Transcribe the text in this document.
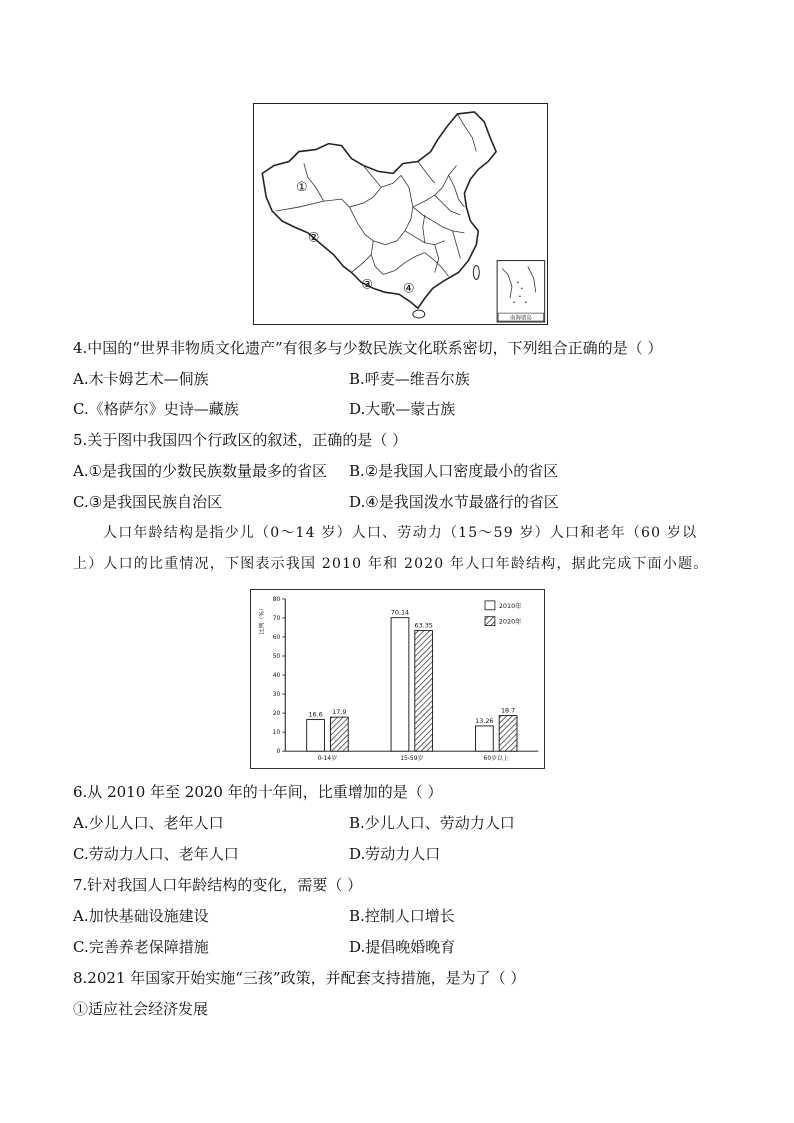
南海诸岛
①
②
③ ④
4.中国的“世界非物质文化遗产”有很多与少数民族文化联系密切，下列组合正确的是（ ）
A.木卡姆艺术—侗族	B.呼麦—维吾尔族
C.《格萨尔》史诗—藏族	D.大歌—蒙古族
5.关于图中我国四个行政区的叙述，正确的是（ ）
A.①是我国的少数民族数量最多的省区 B.②是我国人口密度最小的省区
C.③是我国民族自治区	D.④是我国泼水节最盛行的省区
人口年龄结构是指少儿（0～14 岁）人口、劳动力（15～59 岁）人口和老年（60 岁以
上）人口的比重情况，下图表示我国 2010 年和 2020 年人口年龄结构，据此完成下面小题。
0
10
20
30
40
50
60
70
80
比例（%）
16.6 17.9
0-14岁
70.14
63.35
15-59岁
13.26
18.7
60岁以上
2010年
2020年
6.从 2010 年至 2020 年的十年间，比重增加的是（ ）
A.少儿人口、老年人口	B.少儿人口、劳动力人口
C.劳动力人口、老年人口	D.劳动力人口
7.针对我国人口年龄结构的变化，需要（ ）
A.加快基础设施建设	B.控制人口增长
C.完善养老保障措施	D.提倡晚婚晚育
8.2021 年国家开始实施“三孩”政策，并配套支持措施，是为了（ ）
①适应社会经济发展
